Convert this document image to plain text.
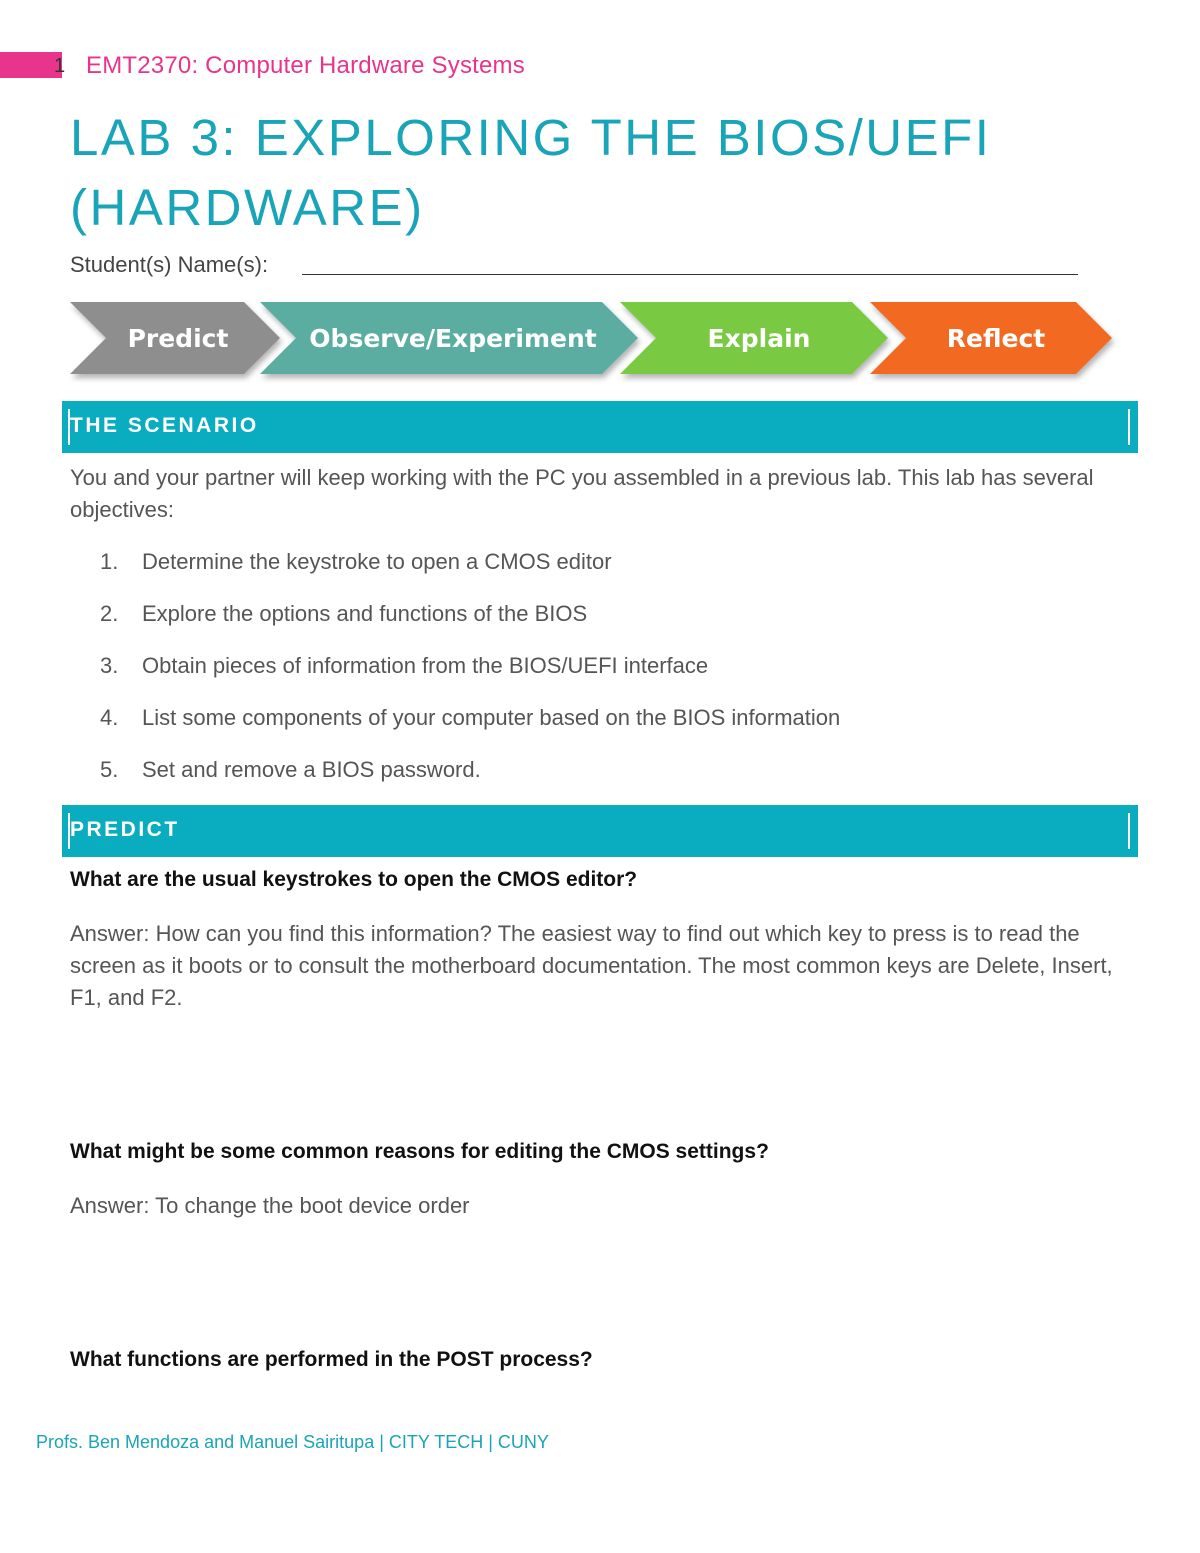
1 EMT2370: Computer Hardware Systems
LAB 3: EXPLORING THE BIOS/UEFI (HARDWARE)
Student(s) Name(s):
Predict	Observe/Experiment	Explain	Reflect
THE SCENARIO
You and your partner will keep working with the PC you assembled in a previous lab. This lab has several objectives:
1.	Determine the keystroke to open a CMOS editor
2.	Explore the options and functions of the BIOS
3.	Obtain pieces of information from the BIOS/UEFI interface
4.	List some components of your computer based on the BIOS information
5.	Set and remove a BIOS password.
PREDICT
What are the usual keystrokes to open the CMOS editor?
Answer: How can you find this information? The easiest way to find out which key to press is to read the screen as it boots or to consult the motherboard documentation. The most common keys are Delete, Insert, F1, and F2.
What might be some common reasons for editing the CMOS settings?
Answer: To change the boot device order
What functions are performed in the POST process?
Profs. Ben Mendoza and Manuel Sairitupa | CITY TECH | CUNY
